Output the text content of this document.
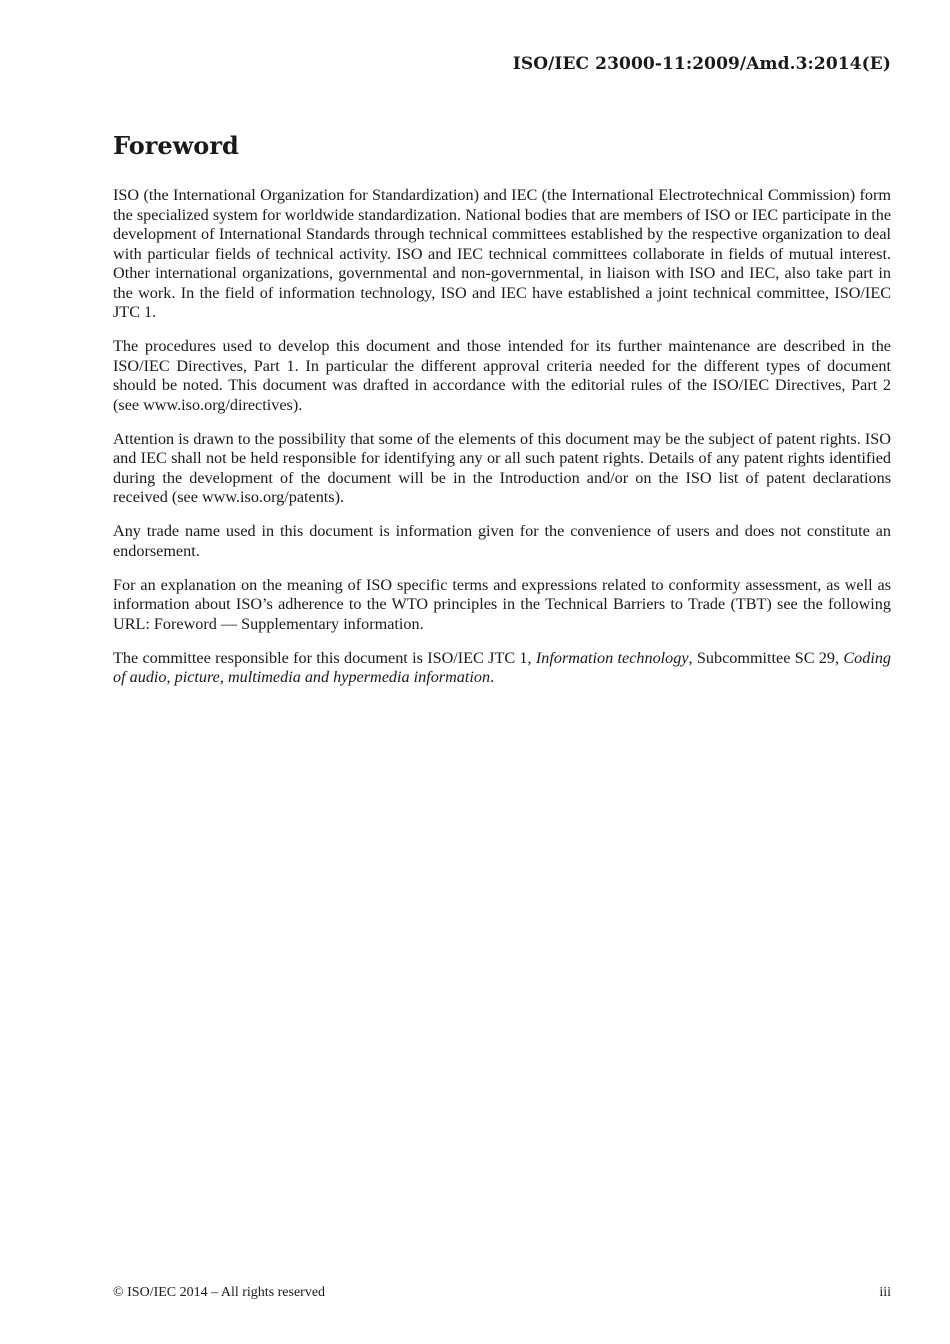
ISO/IEC 23000-11:2009/Amd.3:2014(E)
Foreword

ISO (the International Organization for Standardization) and IEC (the International Electrotechnical Commission) form the specialized system for worldwide standardization. National bodies that are members of ISO or IEC participate in the development of International Standards through technical committees established by the respective organization to deal with particular fields of technical activity. ISO and IEC technical committees collaborate in fields of mutual interest. Other international organizations, governmental and non-governmental, in liaison with ISO and IEC, also take part in the work. In the field of information technology, ISO and IEC have established a joint technical committee, ISO/IEC JTC 1.

The procedures used to develop this document and those intended for its further maintenance are described in the ISO/IEC Directives, Part 1. In particular the different approval criteria needed for the different types of document should be noted. This document was drafted in accordance with the editorial rules of the ISO/IEC Directives, Part 2 (see www.iso.org/directives).

Attention is drawn to the possibility that some of the elements of this document may be the subject of patent rights. ISO and IEC shall not be held responsible for identifying any or all such patent rights. Details of any patent rights identified during the development of the document will be in the Introduction and/or on the ISO list of patent declarations received (see www.iso.org/patents).

Any trade name used in this document is information given for the convenience of users and does not constitute an endorsement.

For an explanation on the meaning of ISO specific terms and expressions related to conformity assessment, as well as information about ISO’s adherence to the WTO principles in the Technical Barriers to Trade (TBT) see the following URL: Foreword — Supplementary information.

The committee responsible for this document is ISO/IEC JTC 1, Information technology, Subcommittee SC 29, Coding of audio, picture, multimedia and hypermedia information.

© ISO/IEC 2014 – All rights reserved	iii
